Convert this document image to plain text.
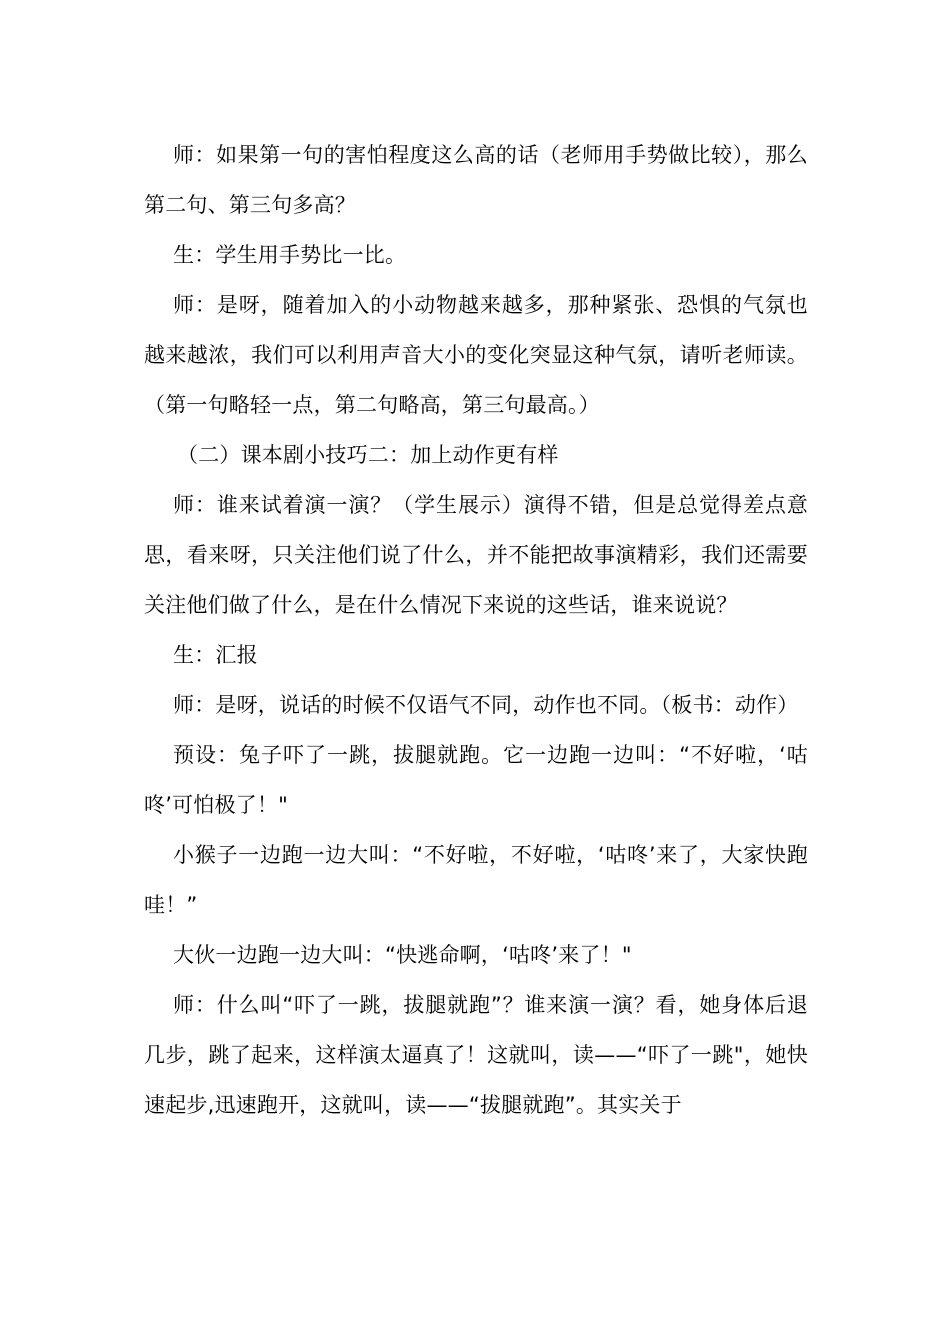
师：如果第一句的害怕程度这么高的话（老师用手势做比较），那么第二句、第三句多高？

生：学生用手势比一比。

师：是呀，随着加入的小动物越来越多，那种紧张、恐惧的气氛也越来越浓，我们可以利用声音大小的变化突显这种气氛，请听老师读。（第一句略轻一点，第二句略高，第三句最高。）

（二）课本剧小技巧二：加上动作更有样

师：谁来试着演一演？（学生展示）演得不错，但是总觉得差点意思，看来呀，只关注他们说了什么，并不能把故事演精彩，我们还需要关注他们做了什么，是在什么情况下来说的这些话，谁来说说？

生：汇报

师：是呀，说话的时候不仅语气不同，动作也不同。（板书：动作）

预设：兔子吓了一跳，拔腿就跑。它一边跑一边叫：“不好啦，‘咕咚’可怕极了！"

小猴子一边跑一边大叫：“不好啦，不好啦，‘咕咚’来了，大家快跑哇！”

大伙一边跑一边大叫：“快逃命啊，‘咕咚’来了！"

师：什么叫“吓了一跳，拔腿就跑”？谁来演一演？看，她身体后退几步，跳了起来，这样演太逼真了！这就叫，读——“吓了一跳"，她快速起步,迅速跑开，这就叫，读——“拔腿就跑”。其实关于
